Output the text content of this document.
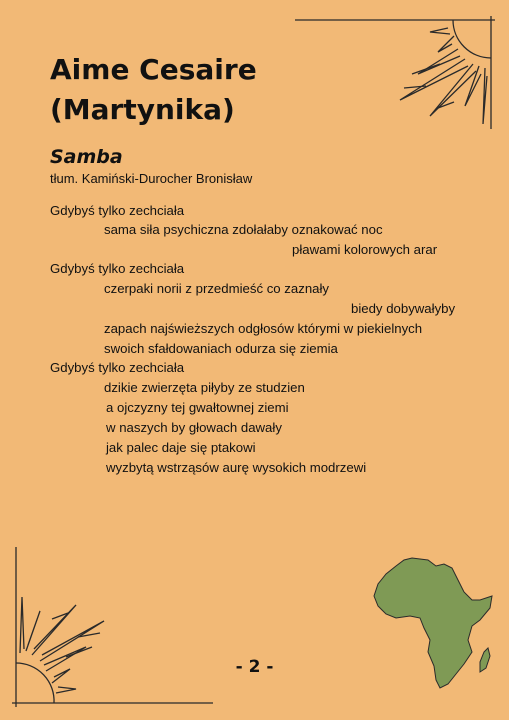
Aime Cesaire
(Martynika)
Samba

tłum. Kamiński-Durocher Bronisław

Gdybyś tylko zechciała
sama siła psychiczna zdołałaby oznakować noc
pławami kolorowych arar
Gdybyś tylko zechciała
czerpaki norii z przedmieść co zaznały
biedy dobywałyby
zapach najświeższych odgłosów którymi w piekielnych
swoich sfałdowaniach odurza się ziemia
Gdybyś tylko zechciała
dzikie zwierzęta piłyby ze studzien
a ojczyzny tej gwałtownej ziemi
w naszych by głowach dawały
jak palec daje się ptakowi
wyzbytą wstrząsów aurę wysokich modrzewi
- 2 -
